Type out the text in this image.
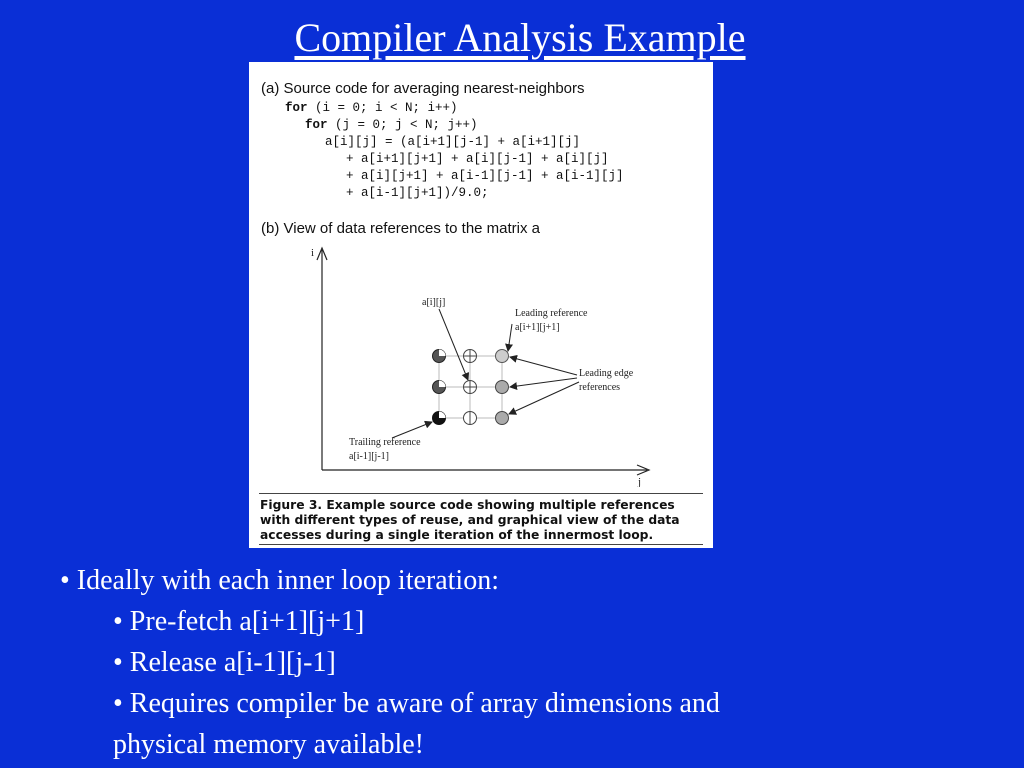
Compiler Analysis Example
(a) Source code for averaging nearest-neighbors
for (i = 0; i < N; i++)
for (j = 0; j < N; j++)
a[i][j] = (a[i+1][j-1] + a[i+1][j]
+ a[i+1][j+1] + a[i][j-1] + a[i][j]
+ a[i][j+1] + a[i-1][j-1] + a[i-1][j]
+ a[i-1][j+1])/9.0;
(b) View of data references to the matrix a
i
j
a[i][j]
Leading reference
a[i+1][j+1]
Leading edge
references
Trailing reference
a[i-1][j-1]
Figure 3. Example source code showing multiple references with different types of reuse, and graphical view of the data accesses during a single iteration of the innermost loop.
• Ideally with each inner loop iteration:
• Pre-fetch a[i+1][j+1]
• Release a[i-1][j-1]
• Requires compiler be aware of array dimensions and
physical memory available!
